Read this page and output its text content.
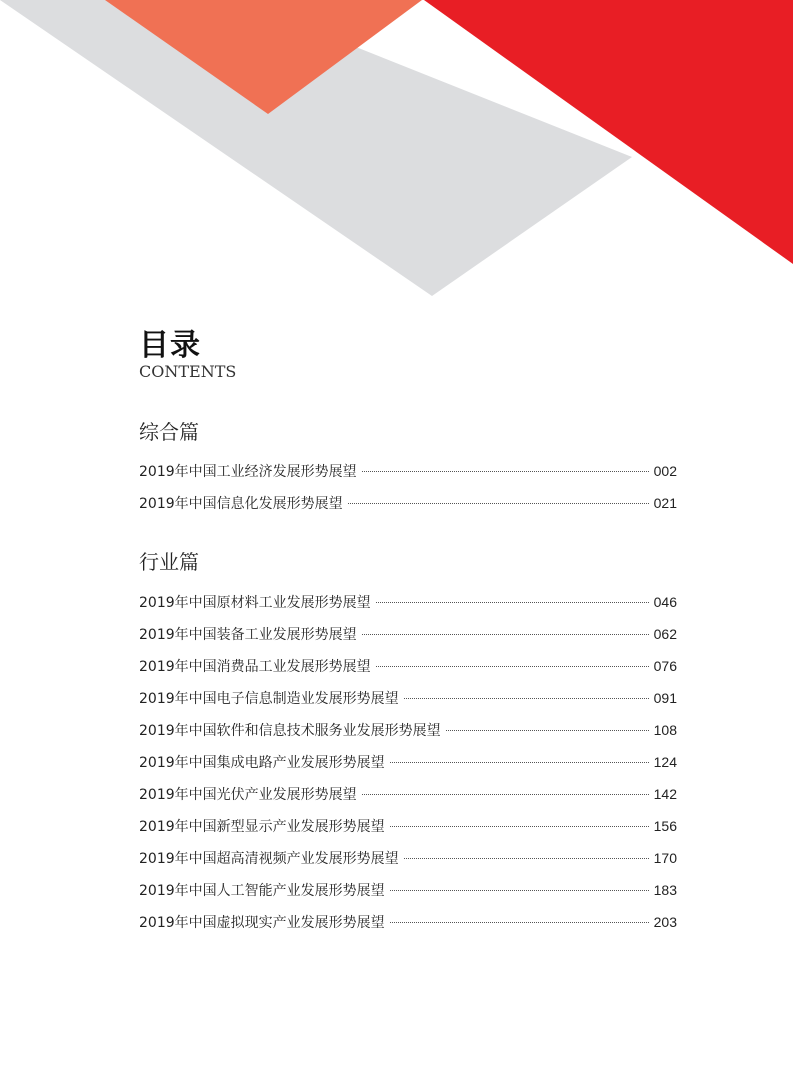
目录
CONTENTS
综合篇
2019年中国工业经济发展形势展望	002
2019年中国信息化发展形势展望	021
行业篇
2019年中国原材料工业发展形势展望	046
2019年中国装备工业发展形势展望	062
2019年中国消费品工业发展形势展望	076
2019年中国电子信息制造业发展形势展望	091
2019年中国软件和信息技术服务业发展形势展望	108
2019年中国集成电路产业发展形势展望	124
2019年中国光伏产业发展形势展望	142
2019年中国新型显示产业发展形势展望	156
2019年中国超高清视频产业发展形势展望	170
2019年中国人工智能产业发展形势展望	183
2019年中国虚拟现实产业发展形势展望	203
